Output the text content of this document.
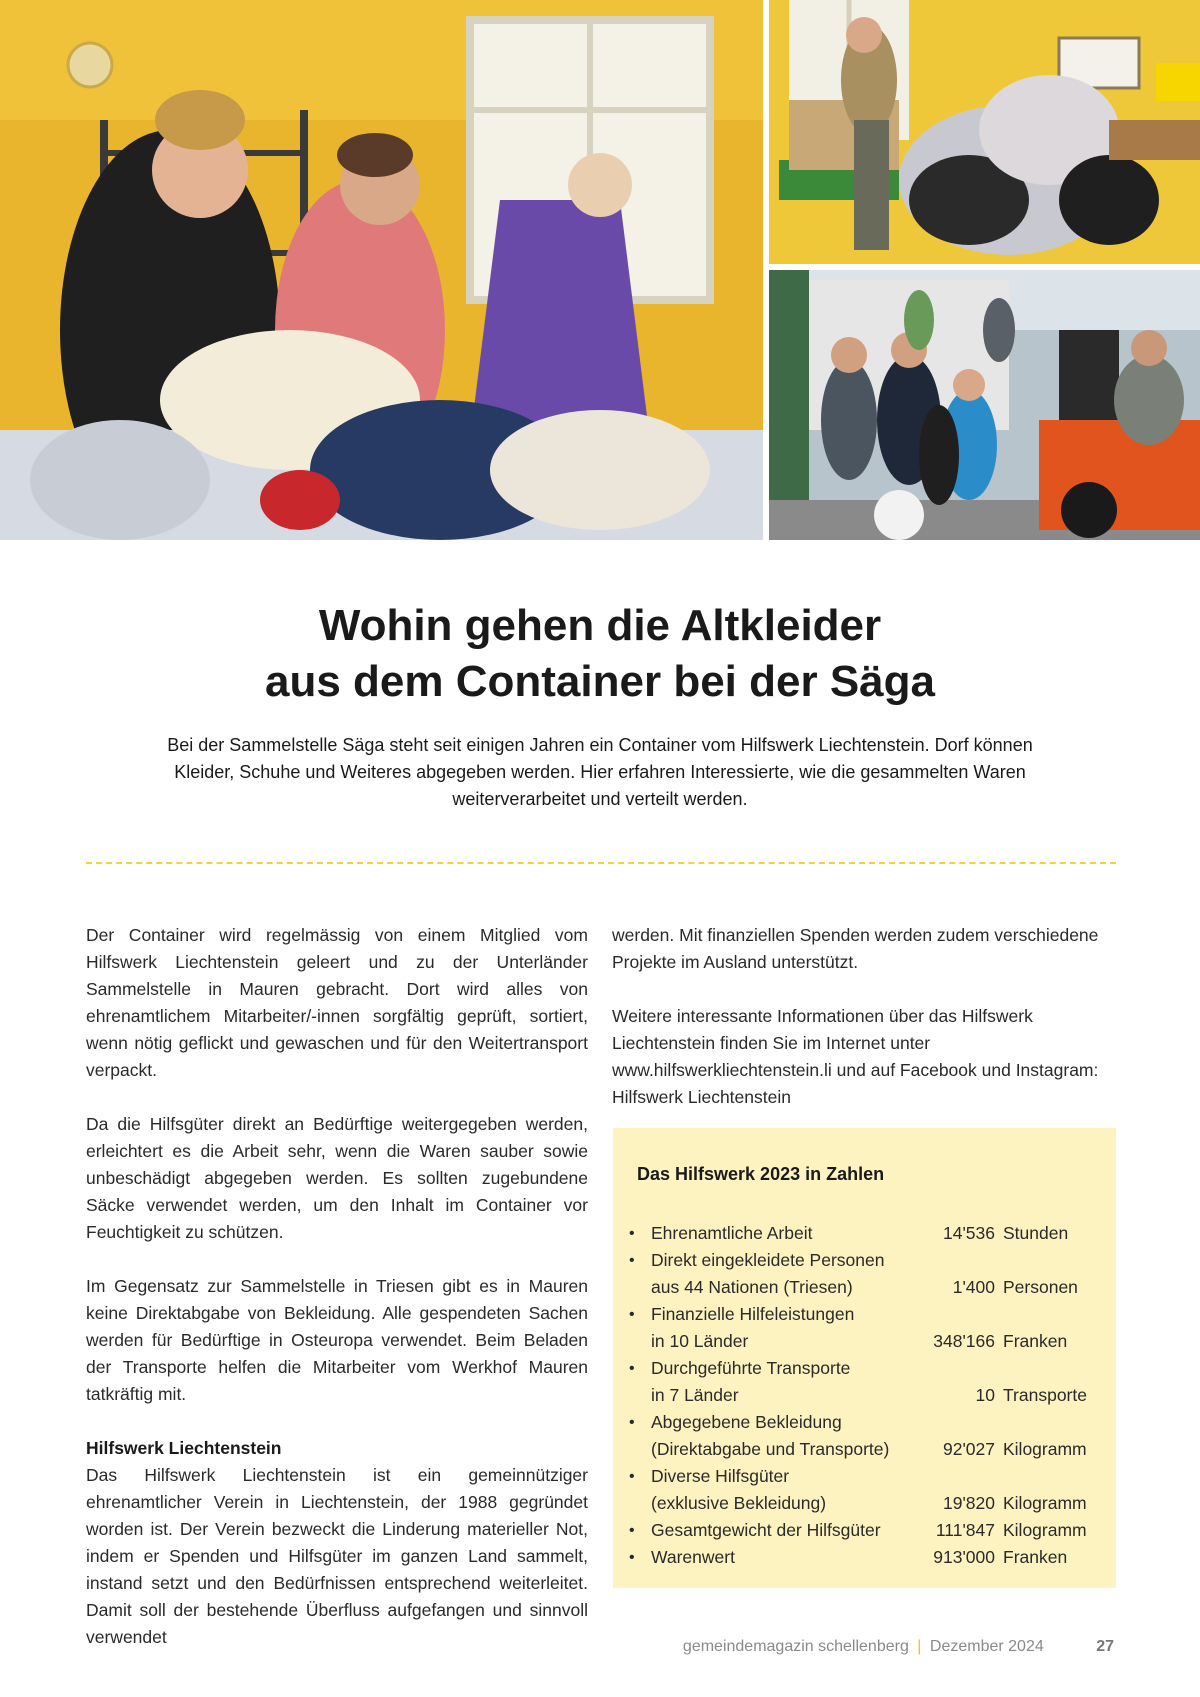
Wohin gehen die Altkleider
aus dem Container bei der Säga

Bei der Sammelstelle Säga steht seit einigen Jahren ein Container vom Hilfswerk Liechtenstein. Dorf können Kleider, Schuhe und Weiteres abgegeben werden. Hier erfahren Interessierte, wie die gesammelten Waren weiterverarbeitet und verteilt werden.

Der Container wird regelmässig von einem Mitglied vom Hilfswerk Liechtenstein geleert und zu der Unterländer Sammelstelle in Mauren gebracht. Dort wird alles von ehrenamtlichem Mitarbeiter/-innen sorgfältig geprüft, sortiert, wenn nötig geflickt und gewaschen und für den Weitertransport verpackt.

Da die Hilfsgüter direkt an Bedürftige weitergegeben werden, erleichtert es die Arbeit sehr, wenn die Waren sauber sowie unbeschädigt abgegeben werden. Es sollten zugebundene Säcke verwendet werden, um den Inhalt im Container vor Feuchtigkeit zu schützen.

Im Gegensatz zur Sammelstelle in Triesen gibt es in Mauren keine Direktabgabe von Bekleidung. Alle gespendeten Sachen werden für Bedürftige in Osteuropa verwendet. Beim Beladen der Transporte helfen die Mitarbeiter vom Werkhof Mauren tatkräftig mit.

Hilfswerk Liechtenstein

Das Hilfswerk Liechtenstein ist ein gemeinnütziger ehrenamtlicher Verein in Liechtenstein, der 1988 gegründet worden ist. Der Verein bezweckt die Linderung materieller Not, indem er Spenden und Hilfsgüter im ganzen Land sammelt, instand setzt und den Bedürfnissen entsprechend weiterleitet. Damit soll der bestehende Überfluss aufgefangen und sinnvoll verwendet

werden. Mit finanziellen Spenden werden zudem verschiedene Projekte im Ausland unterstützt.

Weitere interessante Informationen über das Hilfswerk Liechtenstein finden Sie im Internet unter www.hilfswerkliechtenstein.li und auf Facebook und Instagram: Hilfswerk Liechtenstein

Das Hilfswerk 2023 in Zahlen
• Ehrenamtliche Arbeit	14'536 Stunden
• Direkt eingekleidete Personen
aus 44 Nationen (Triesen)	1'400 Personen
• Finanzielle Hilfeleistungen
in 10 Länder	348'166 Franken
• Durchgeführte Transporte
in 7 Länder	10 Transporte
• Abgegebene Bekleidung
(Direktabgabe und Transporte)	92'027 Kilogramm
• Diverse Hilfsgüter
(exklusive Bekleidung)	19'820 Kilogramm
• Gesamtgewicht der Hilfsgüter	111'847 Kilogramm
• Warenwert	913'000 Franken
gemeindemagazin schellenberg | Dezember 2024	27
